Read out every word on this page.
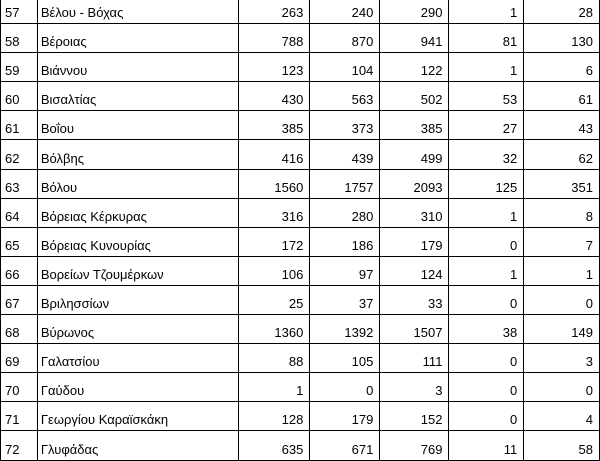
57	Βέλου - Βόχας	263	240	290	1	28
58	Βέροιας	788	870	941	81	130
59	Βιάννου	123	104	122	1	6
60	Βισαλτίας	430	563	502	53	61
61	Βοΐου	385	373	385	27	43
62	Βόλβης	416	439	499	32	62
63	Βόλου	1560	1757	2093	125	351
64	Βόρειας Κέρκυρας	316	280	310	1	8
65	Βόρειας Κυνουρίας	172	186	179	0	7
66	Βορείων Τζουμέρκων	106	97	124	1	1
67	Βριλησσίων	25	37	33	0	0
68	Βύρωνος	1360	1392	1507	38	149
69	Γαλατσίου	88	105	111	0	3
70	Γαύδου	1	0	3	0	0
71	Γεωργίου Καραϊσκάκη	128	179	152	0	4
72	Γλυφάδας	635	671	769	11	58
